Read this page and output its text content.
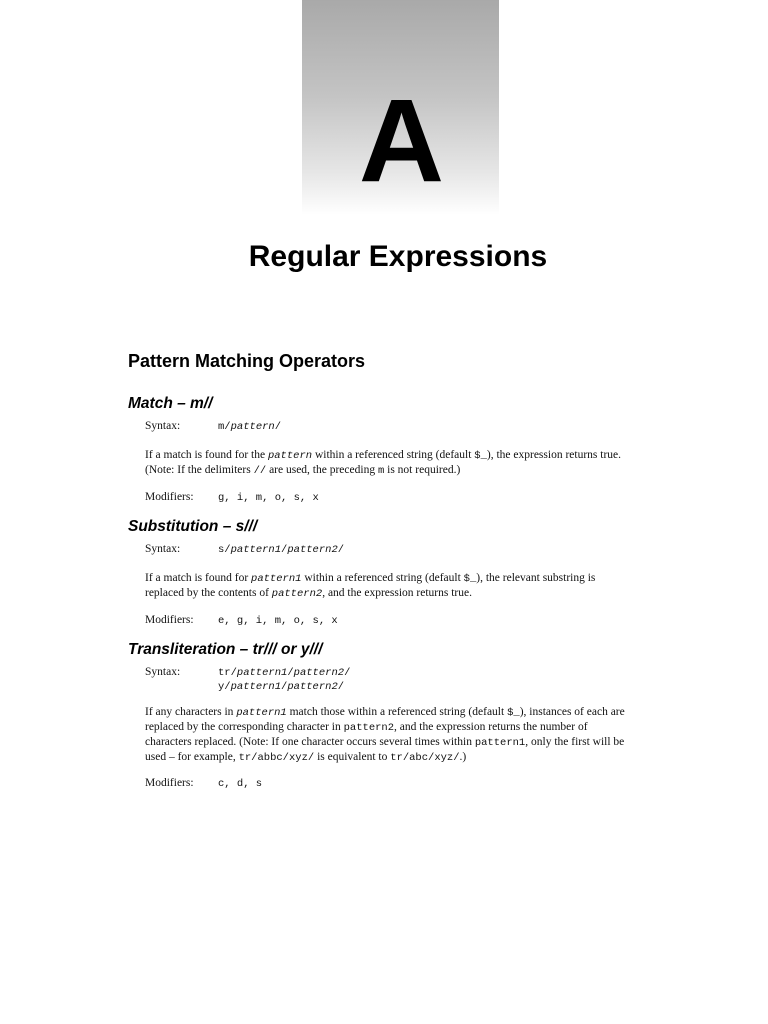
A
Regular Expressions
Pattern Matching Operators
Match – m//
Syntax:	m/pattern/
If a match is found for the pattern within a referenced string (default $_), the expression returns true.
(Note: If the delimiters // are used, the preceding m is not required.)
Modifiers: g, i, m, o, s, x
Substitution – s///
Syntax:	s/pattern1/pattern2/
If a match is found for pattern1 within a referenced string (default $_), the relevant substring is
replaced by the contents of pattern2, and the expression returns true.
Modifiers: e, g, i, m, o, s, x
Transliteration – tr/// or y///
Syntax:	tr/pattern1/pattern2/
y/pattern1/pattern2/
If any characters in pattern1 match those within a referenced string (default $_), instances of each are
replaced by the corresponding character in pattern2, and the expression returns the number of
characters replaced. (Note: If one character occurs several times within pattern1, only the first will be
used – for example, tr/abbc/xyz/ is equivalent to tr/abc/xyz/.)
Modifiers: c, d, s
